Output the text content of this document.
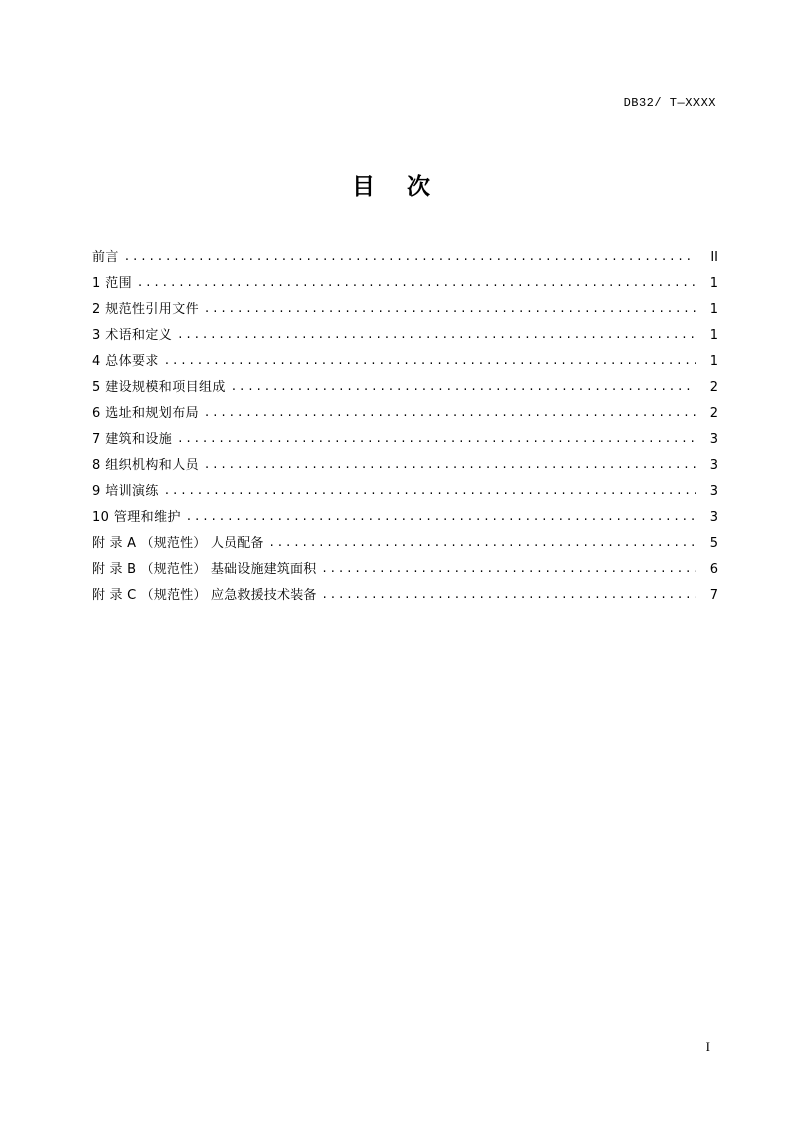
DB32/ T—XXXX
目 次
前言 . . .	II
1 范围 . . .	1
2 规范性引用文件 . . .	1
3 术语和定义 . . .	1
4 总体要求 . . .	1
5 建设规模和项目组成 . . .	2
6 选址和规划布局 . . .	2
7 建筑和设施 . . .	3
8 组织机构和人员 . . .	3
9 培训演练 . . .	3
10 管理和维护 . . .	3
附 录 A （规范性） 人员配备 . . .	5
附 录 B （规范性） 基础设施建筑面积 . . .	6
附 录 C （规范性） 应急救援技术装备 . . .	7
I
